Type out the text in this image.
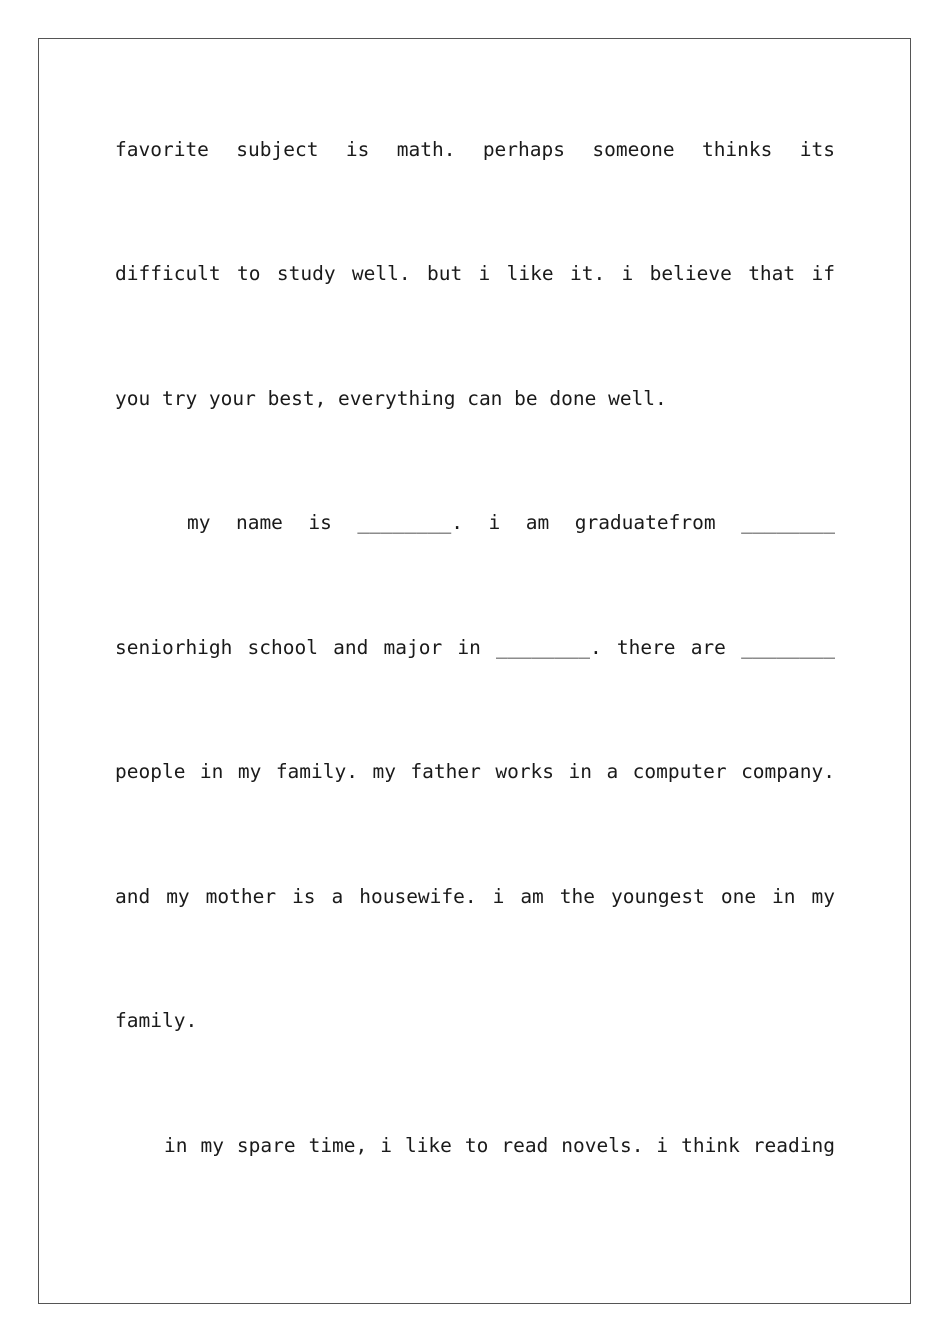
favorite subject is math. perhaps someone thinks its

difficult to study well. but i like it. i believe that if

you try your best, everything can be done well.

my name is ________. i am graduatefrom ________

seniorhigh school and major in ________. there are ________

people in my family. my father works in a computer company.

and my mother is a housewife. i am the youngest one in my

family.

in my spare time, i like to read novels. i think reading
